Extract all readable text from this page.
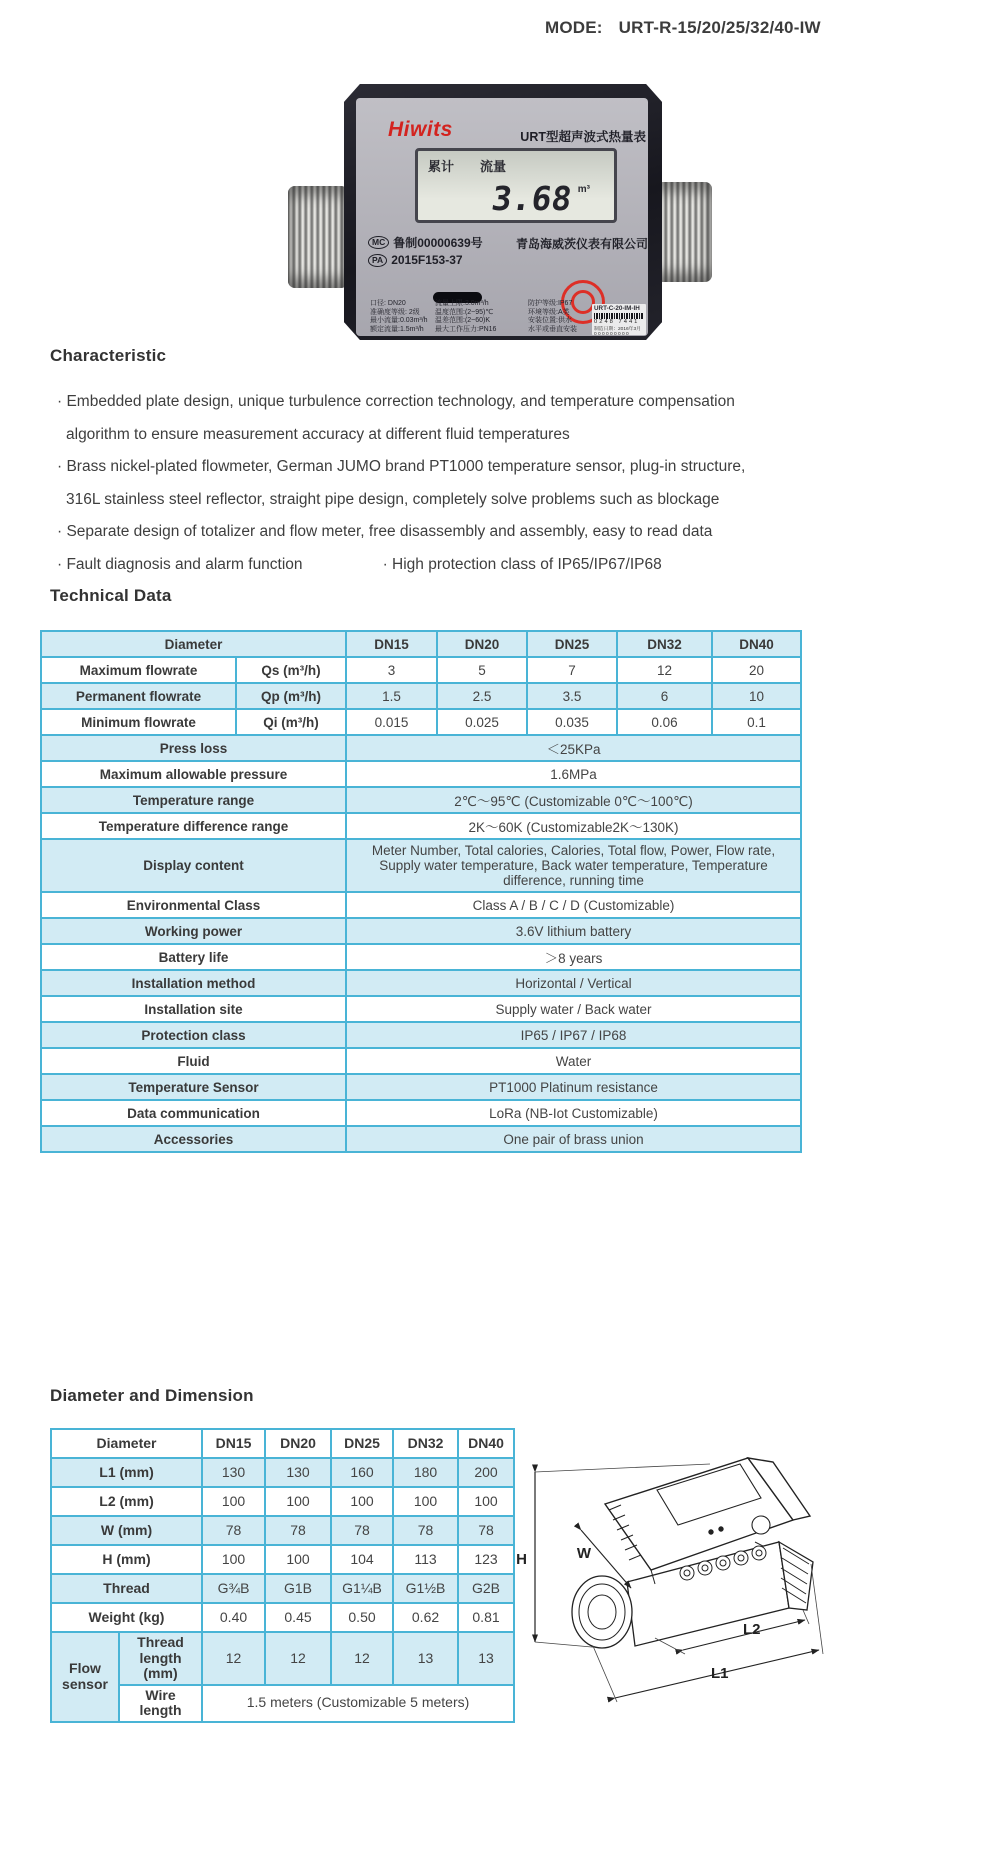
MODE: URT-R-15/20/25/32/40-IW
Hiwits	URT型超声波式热量表
累计 流量
3.68 m³
MC 鲁制00000639号	青岛海威茨仪表有限公司
PA 2015F153-37
口径: DN20
准确度等级: 2级
最小流量:0.03m³/h
额定流量:1.5m³/h
流量上限:3.0m³/h
温度范围:(2~95)℃
温差范围:(2~60)K
最大工作压力:PN16
防护等级:IP67
环境等级:A类
安装位置:供水
水平或垂直安装
URT-C-20-IM-IH
0248 7441
制造日期：2016年3月
0 0 0 0 0 0 0 0 0
Characteristic
· Embedded plate design, unique turbulence correction technology, and temperature compensation
algorithm to ensure measurement accuracy at different fluid temperatures
· Brass nickel-plated flowmeter, German JUMO brand PT1000 temperature sensor, plug-in structure,
316L stainless steel reflector, straight pipe design, completely solve problems such as blockage
· Separate design of totalizer and flow meter, free disassembly and assembly, easy to read data
· Fault diagnosis and alarm function	· High protection class of IP65/IP67/IP68
Technical Data
Diameter		DN15	DN20	DN25	DN32	DN40
Maximum flowrate	Qs (m³/h)	3	5	7	12	20
Permanent flowrate	Qp (m³/h)	1.5	2.5	3.5	6	10
Minimum flowrate	Qi (m³/h)	0.015	0.025	0.035	0.06	0.1
Press loss		＜25KPa				
Maximum allowable pressure		1.6MPa				
Temperature range		2℃～95℃ (Customizable 0℃～100℃)				
Temperature difference range		2K～60K (Customizable2K～130K)				
Display content		Meter Number, Total calories, Calories, Total flow, Power, Flow rate, Supply water temperature, Back water temperature, Temperature difference, running time				
Environmental Class		Class A / B / C / D (Customizable)				
Working power		3.6V lithium battery				
Battery life		＞8 years				
Installation method		Horizontal / Vertical				
Installation site		Supply water / Back water				
Protection class		IP65 / IP67 / IP68				
Fluid		Water				
Temperature Sensor		PT1000 Platinum resistance				
Data communication		LoRa (NB-Iot Customizable)				
Accessories		One pair of brass union				
Diameter and Dimension
Diameter		DN15	DN20	DN25	DN32	DN40
L1 (mm)		130	130	160	180	200
L2 (mm)		100	100	100	100	100
W (mm)		78	78	78	78	78
H (mm)		100	100	104	113	123
Thread		G¾B	G1B	G1¼B	G1½B	G2B
Weight (kg)		0.40	0.45	0.50	0.62	0.81
Flow sensor	Thread length (mm)	12	12	12	13	13
	Wire length	1.5 meters (Customizable 5 meters)				
H	W
L2
L1
